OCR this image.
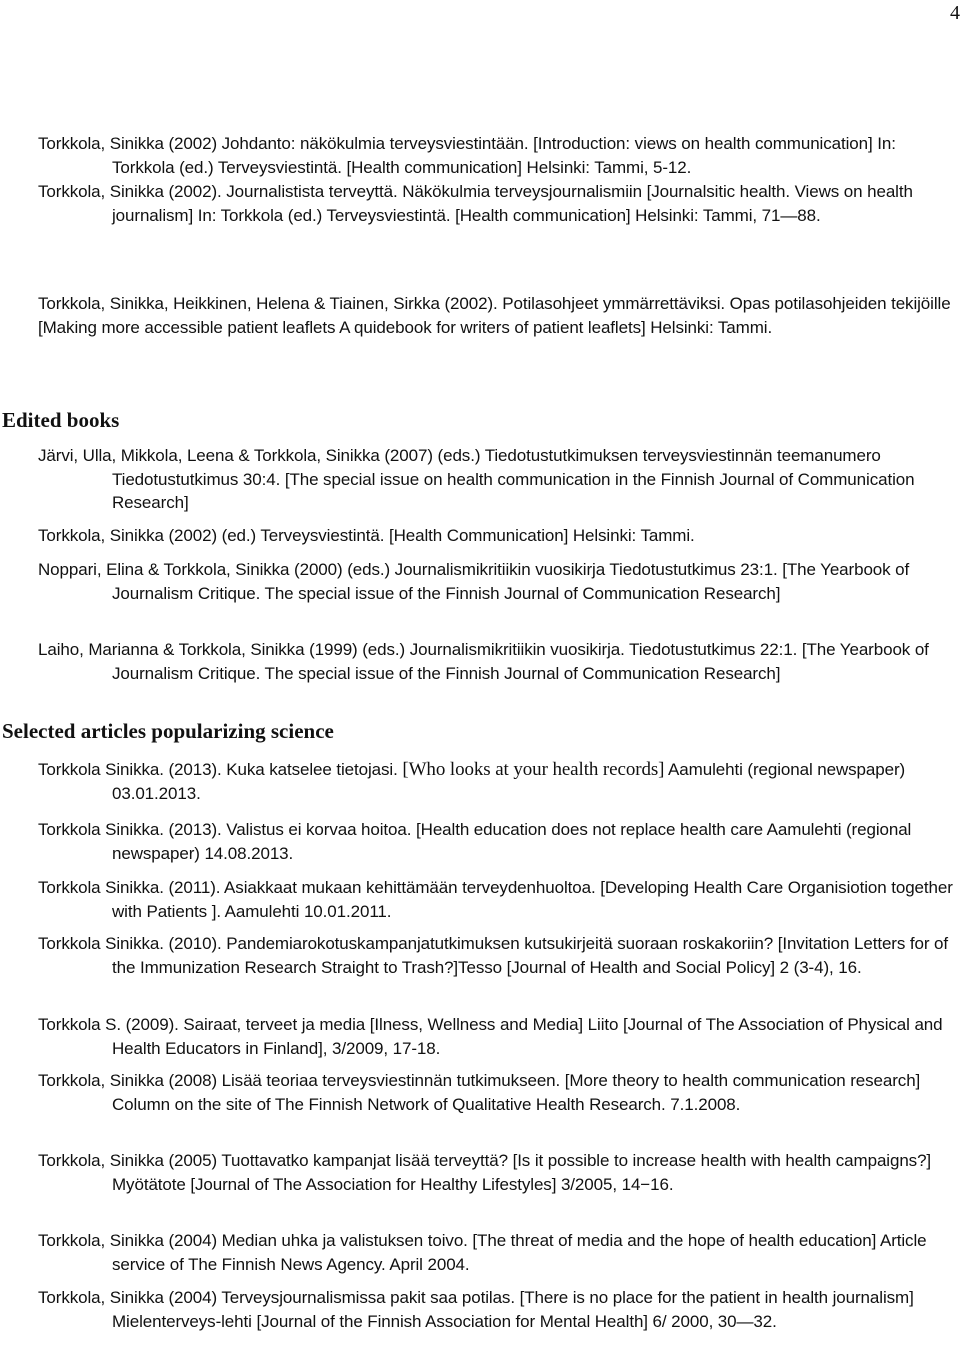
4

Torkkola, Sinikka (2002) Johdanto: näkökulmia terveysviestintään. [Introduction: views on health communication] In: Torkkola (ed.) Terveysviestintä. [Health communication] Helsinki: Tammi, 5-12.

Torkkola, Sinikka (2002). Journalistista terveyttä. Näkökulmia terveysjournalismiin [Journalsitic health. Views on health journalism] In: Torkkola (ed.) Terveysviestintä. [Health communication] Helsinki: Tammi, 71—88.

Torkkola, Sinikka, Heikkinen, Helena & Tiainen, Sirkka (2002). Potilasohjeet ymmärrettäviksi. Opas potilasohjeiden tekijöille [Making more accessible patient leaflets A quidebook for writers of patient leaflets] Helsinki: Tammi.

Edited books

Järvi, Ulla, Mikkola, Leena & Torkkola, Sinikka (2007) (eds.) Tiedotustutkimuksen terveysviestinnän teemanumero Tiedotustutkimus 30:4. [The special issue on health communication in the Finnish Journal of Communication Research]

Torkkola, Sinikka (2002) (ed.) Terveysviestintä. [Health Communication] Helsinki: Tammi.

Noppari, Elina & Torkkola, Sinikka (2000) (eds.) Journalismikritiikin vuosikirja Tiedotustutkimus 23:1. [The Yearbook of Journalism Critique. The special issue of the Finnish Journal of Communication Research]

Laiho, Marianna & Torkkola, Sinikka (1999) (eds.) Journalismikritiikin vuosikirja. Tiedotustutkimus 22:1. [The Yearbook of Journalism Critique. The special issue of the Finnish Journal of Communication Research]

Selected articles popularizing science

Torkkola Sinikka. (2013). Kuka katselee tietojasi. [Who looks at your health records] Aamulehti (regional newspaper) 03.01.2013.

Torkkola Sinikka. (2013). Valistus ei korvaa hoitoa. [Health education does not replace health care Aamulehti (regional newspaper) 14.08.2013.

Torkkola Sinikka. (2011). Asiakkaat mukaan kehittämään terveydenhuoltoa. [Developing Health Care Organisiotion together with Patients ]. Aamulehti 10.01.2011.

Torkkola Sinikka. (2010). Pandemiarokotuskampanjatutkimuksen kutsukirjeitä suoraan roskakoriin? [Invitation Letters for of the Immunization Research Straight to Trash?]Tesso [Journal of Health and Social Policy] 2 (3-4), 16.

Torkkola S. (2009). Sairaat, terveet ja media [Ilness, Wellness and Media] Liito [Journal of The Association of Physical and Health Educators in Finland], 3/2009, 17-18.

Torkkola, Sinikka (2008) Lisää teoriaa terveysviestinnän tutkimukseen. [More theory to health communication research] Column on the site of The Finnish Network of Qualitative Health Research. 7.1.2008.

Torkkola, Sinikka (2005) Tuottavatko kampanjat lisää terveyttä? [Is it possible to increase health with health campaigns?] Myötätote [Journal of The Association for Healthy Lifestyles] 3/2005, 14−16.

Torkkola, Sinikka (2004) Median uhka ja valistuksen toivo. [The threat of media and the hope of health education] Article service of The Finnish News Agency. April 2004.

Torkkola, Sinikka (2004) Terveysjournalismissa pakit saa potilas. [There is no place for the patient in health journalism] Mielenterveys-lehti [Journal of the Finnish Association for Mental Health] 6/ 2000, 30—32.
